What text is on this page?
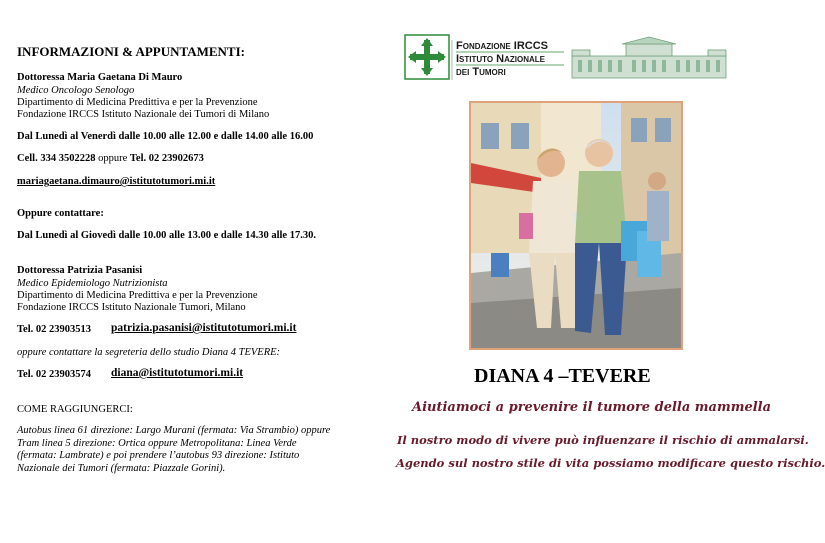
INFORMAZIONI & APPUNTAMENTI:
Dottoressa Maria Gaetana Di Mauro
Medico Oncologo Senologo
Dipartimento di Medicina Predittiva e per la Prevenzione
Fondazione IRCCS Istituto Nazionale dei Tumori di Milano
Dal Lunedì al Venerdì dalle 10.00 alle 12.00 e dalle 14.00 alle 16.00
Cell. 334 3502228 oppure Tel. 02 23902673
mariagaetana.dimauro@istitutotumori.mi.it
Oppure contattare:
Dal Lunedì al Giovedì dalle 10.00 alle 13.00 e dalle 14.30 alle 17.30.
Dottoressa Patrizia Pasanisi
Medico Epidemiologo Nutrizionista
Dipartimento di Medicina Predittiva e per la Prevenzione
Fondazione IRCCS Istituto Nazionale Tumori, Milano
Tel. 02 23903513 patrizia.pasanisi@istitutotumori.mi.it
oppure contattare la segreteria dello studio Diana 4 TEVERE:
Tel. 02 23903574 diana@istitutotumori.mi.it
COME RAGGIUNGERCI:
Autobus linea 61 direzione: Largo Murani (fermata: Via Strambio) oppure
Tram linea 5 direzione: Ortica oppure Metropolitana: Linea Verde
(fermata: Lambrate) e poi prendere l’autobus 93 direzione: Istituto
Nazionale dei Tumori (fermata: Piazzale Gorini).
Fondazione IRCCS
Istituto Nazionale
dei Tumori
DIANA 4 –TEVERE
Aiutiamoci a prevenire il tumore della mammella
Il nostro modo di vivere può influenzare il rischio di ammalarsi.
Agendo sul nostro stile di vita possiamo modificare questo rischio.
